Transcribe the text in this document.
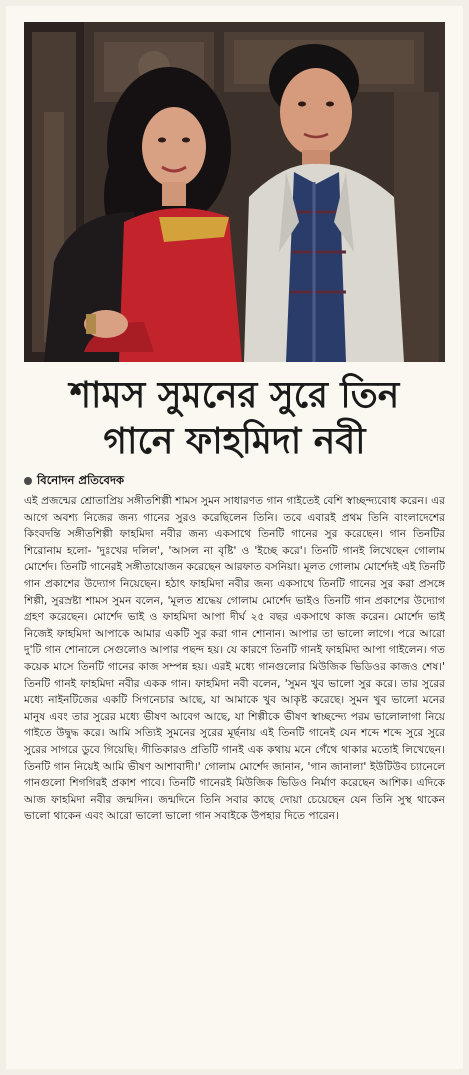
শামস সুমনের সুরে তিন
গানে ফাহমিদা নবী
বিনোদন প্রতিবেদক
এই প্রজন্মের শ্রোতাপ্রিয় সঙ্গীতশিল্পী শামস সুমন সাধারণত গান গাইতেই বেশি স্বাচ্ছন্দ্যবোধ করেন। এর আগে অবশ্য নিজের জন্য গানের সুরও করেছিলেন তিনি। তবে এবারই প্রথম তিনি বাংলাদেশের কিংবদন্তি সঙ্গীতশিল্পী ফাহমিদা নবীর জন্য একসাথে তিনটি গানের সুর করেছেন। গান তিনটির শিরোনাম হলো- 'দুঃখের দলিল', 'আসল না বৃষ্টি' ও 'ইচ্ছে করে'। তিনটি গানই লিখেছেন গোলাম মোর্শেদ। তিনটি গানেরই সঙ্গীতায়োজন করেছেন আরফাত বসনিয়া। মূলত গোলাম মোর্শেদই এই তিনটি গান প্রকাশের উদ্যোগ নিয়েছেন। হঠাৎ ফাহমিদা নবীর জন্য একসাথে তিনটি গানের সুর করা প্রসঙ্গে শিল্পী, সুরস্রষ্টা শামস সুমন বলেন, 'মূলত শ্রদ্ধেয় গোলাম মোর্শেদ ভাইও তিনটি গান প্রকাশের উদ্যোগ গ্রহণ করেছেন। মোর্শেদ ভাই ও ফাহমিদা আপা দীর্ঘ ২৫ বছর একসাথে কাজ করেন। মোর্শেদ ভাই নিজেই ফাহমিদা আপাকে আমার একটি সুর করা গান শোনান। আপার তা ভালো লাগে। পরে আরো দু'টি গান শোনালে সেগুলোও আপার পছন্দ হয়। যে কারণে তিনটি গানই ফাহমিদা আপা গাইলেন। গত কয়েক মাসে তিনটি গানের কাজ সম্পন্ন হয়। এরই মধ্যে গানগুলোর মিউজিক ভিডিওর কাজও শেষ।' তিনটি গানই ফাহমিদা নবীর একক গান। ফাহমিদা নবী বলেন, 'সুমন খুব ভালো সুর করে। তার সুরের মধ্যে নাইনটিজের একটি সিগনেচার আছে, যা আমাকে খুব আকৃষ্ট করেছে। সুমন খুব ভালো মনের মানুষ এবং তার সুরের মধ্যে ভীষণ আবেগ আছে, যা শিল্পীকে ভীষণ স্বাচ্ছন্দ্যে পরম ভালোলাগা নিয়ে গাইতে উদ্বুদ্ধ করে। আমি সত্যিই সুমনের সুরের মূর্ছনায় এই তিনটি গানেই যেন শব্দে শব্দে সুরে সুরে সুরের সাগরে ডুবে গিয়েছি। গীতিকারও প্রতিটি গানই এক কথায় মনে গেঁথে থাকার মতোই লিখেছেন। তিনটি গান নিয়েই আমি ভীষণ আশাবাদী।' গোলাম মোর্শেদ জানান, 'গান জানালা' ইউটিউব চ্যানেলে গানগুলো শিগগিরই প্রকাশ পাবে। তিনটি গানেরই মিউজিক ভিডিও নির্মাণ করেছেন আশিক। এদিকে আজ ফাহমিদা নবীর জন্মদিন। জন্মদিনে তিনি সবার কাছে দোয়া চেয়েছেন যেন তিনি সুস্থ থাকেন ভালো থাকেন এবং আরো ভালো ভালো গান সবাইকে উপহার দিতে পারেন।
